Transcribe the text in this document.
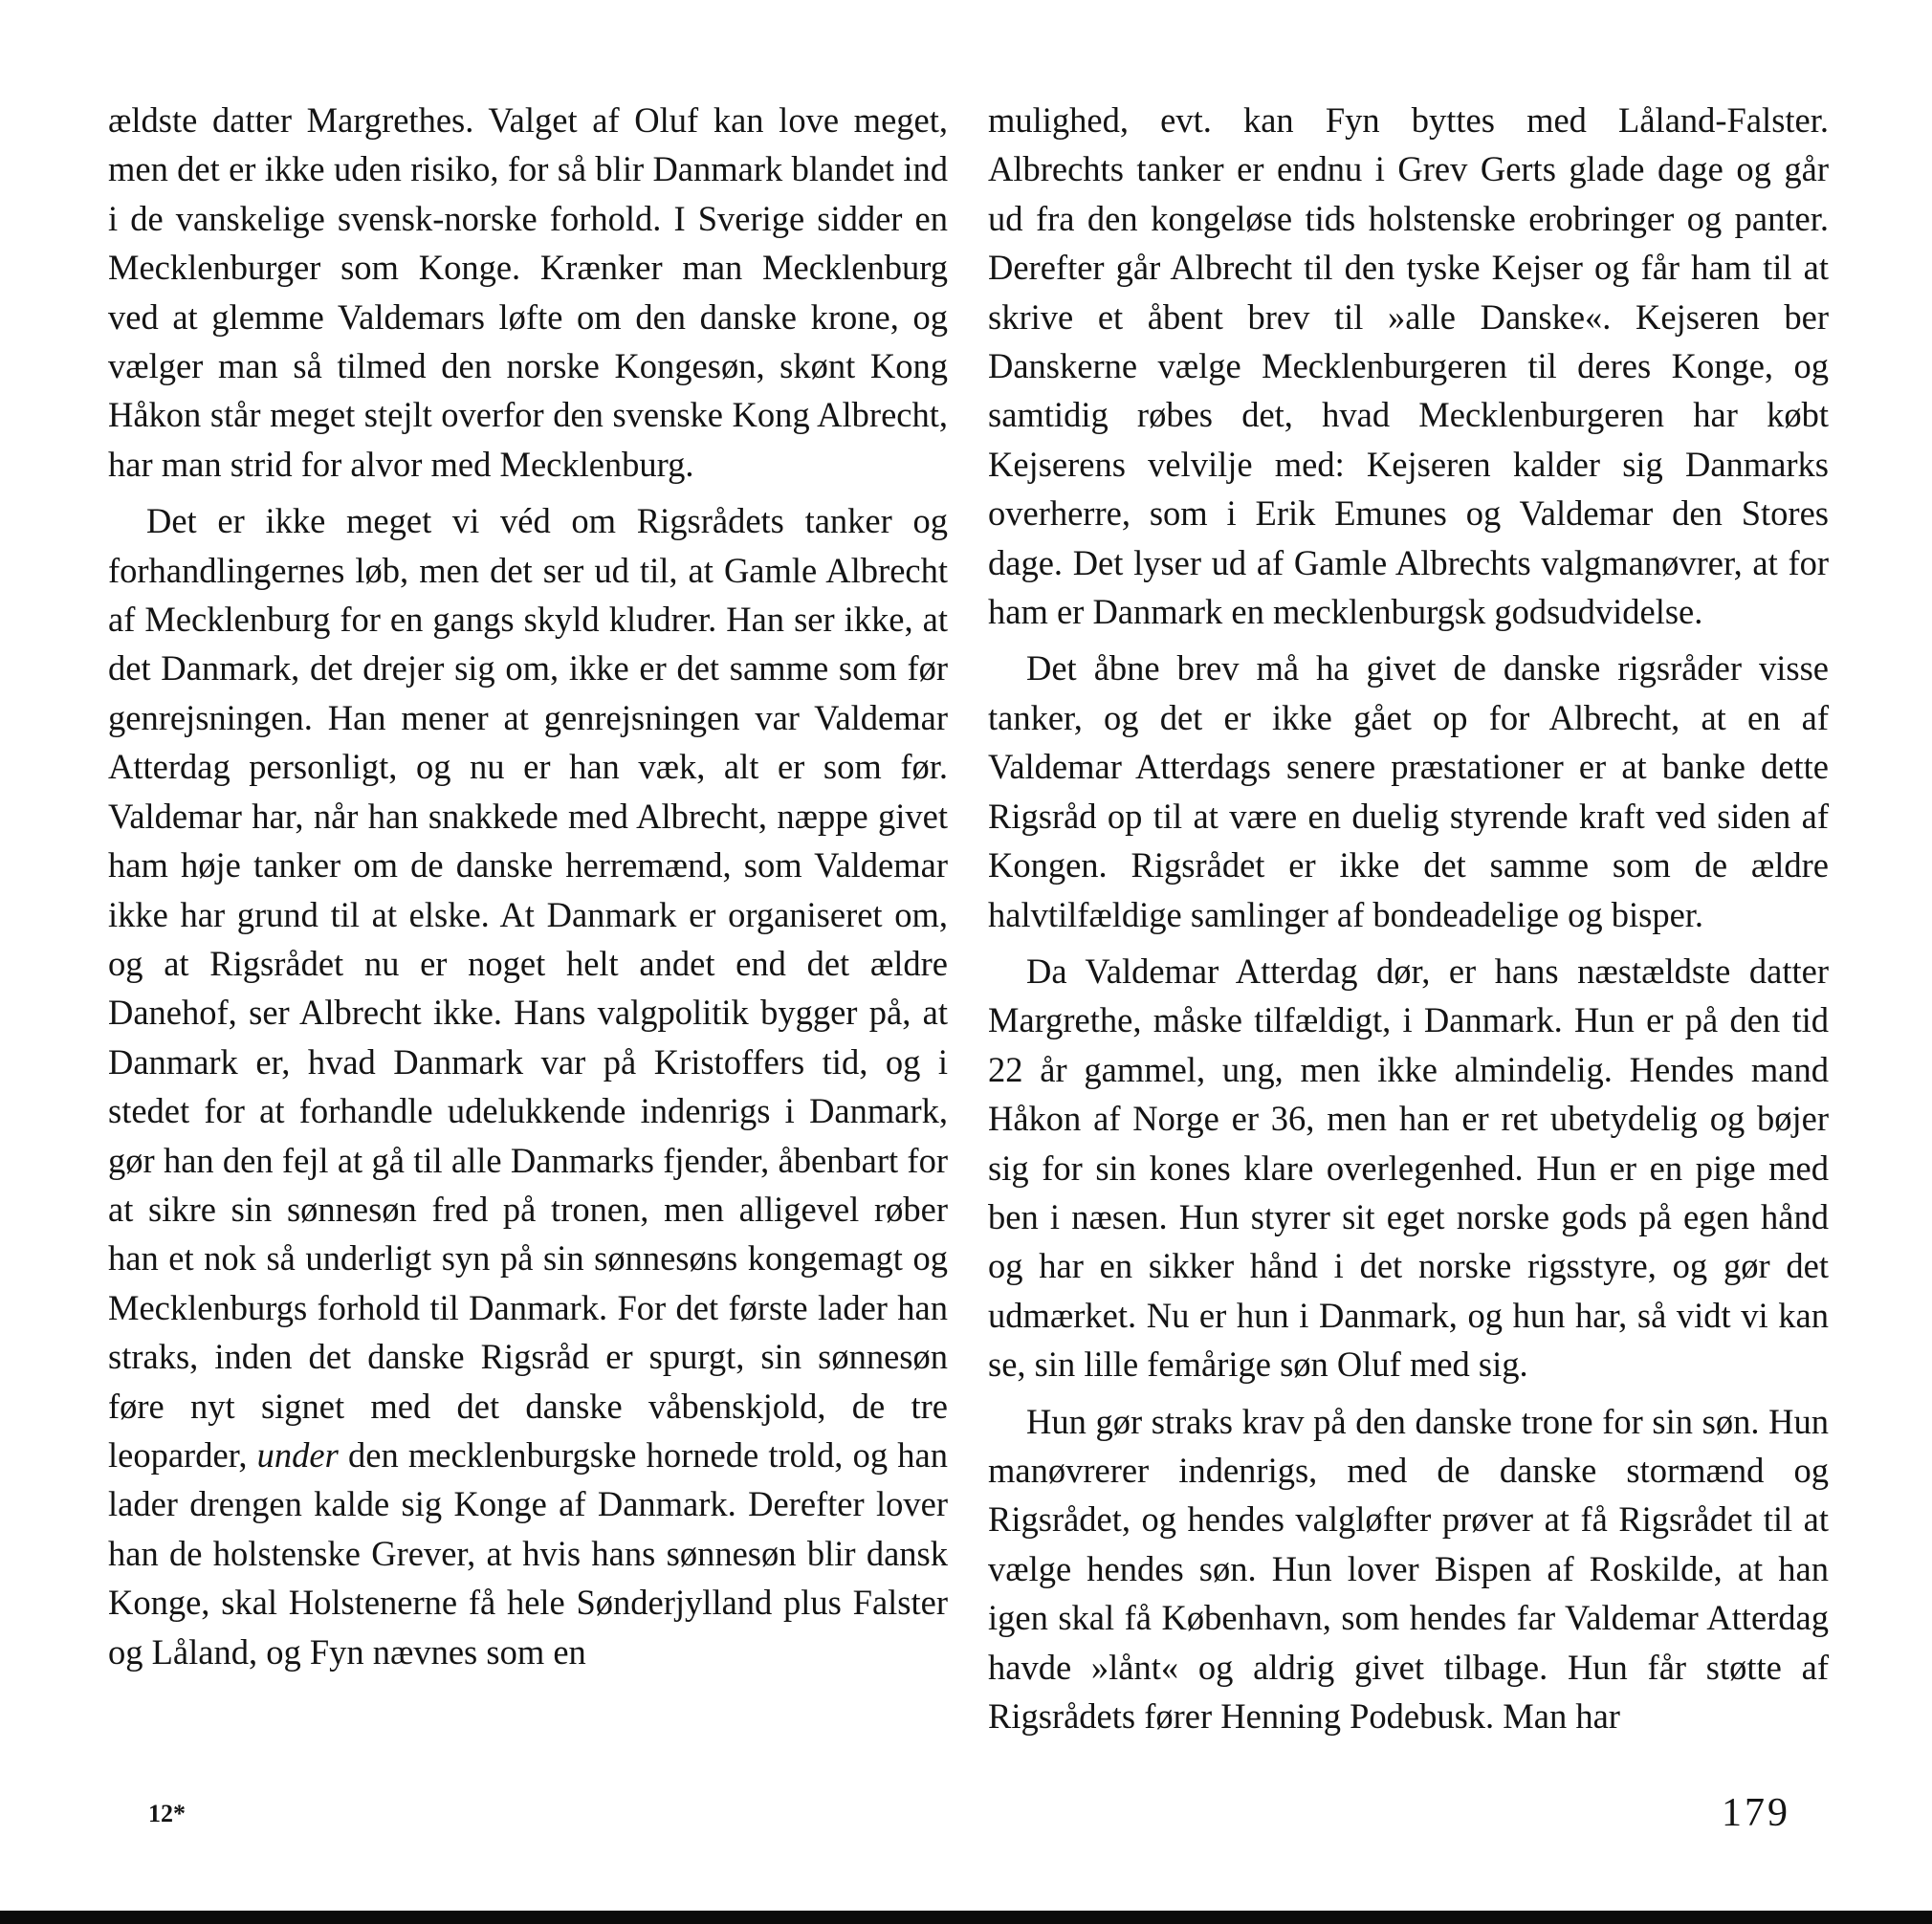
ældste datter Margrethes. Valget af Oluf kan love meget, men det er ikke uden risiko, for så blir Danmark blandet ind i de vanskelige svensk-norske forhold. I Sverige sidder en Mecklenburger som Konge. Krænker man Mecklenburg ved at glemme Valdemars løfte om den danske krone, og vælger man så tilmed den norske Kongesøn, skønt Kong Håkon står meget stejlt overfor den svenske Kong Albrecht, har man strid for alvor med Mecklenburg.

Det er ikke meget vi véd om Rigsrådets tanker og forhandlingernes løb, men det ser ud til, at Gamle Albrecht af Mecklenburg for en gangs skyld kludrer. Han ser ikke, at det Danmark, det drejer sig om, ikke er det samme som før genrejsningen. Han mener at genrejsningen var Valdemar Atterdag personligt, og nu er han væk, alt er som før. Valdemar har, når han snakkede med Albrecht, næppe givet ham høje tanker om de danske herremænd, som Valdemar ikke har grund til at elske. At Danmark er organiseret om, og at Rigsrådet nu er noget helt andet end det ældre Danehof, ser Albrecht ikke. Hans valgpolitik bygger på, at Danmark er, hvad Danmark var på Kristoffers tid, og i stedet for at forhandle udelukkende indenrigs i Danmark, gør han den fejl at gå til alle Danmarks fjender, åbenbart for at sikre sin sønnesøn fred på tronen, men alligevel røber han et nok så underligt syn på sin sønnesøns kongemagt og Mecklenburgs forhold til Danmark. For det første lader han straks, inden det danske Rigsråd er spurgt, sin sønnesøn føre nyt signet med det danske våbenskjold, de tre leoparder, under den mecklenburgske hornede trold, og han lader drengen kalde sig Konge af Danmark. Derefter lover han de holstenske Grever, at hvis hans sønnesøn blir dansk Konge, skal Holstenerne få hele Sønderjylland plus Falster og Låland, og Fyn nævnes som en

mulighed, evt. kan Fyn byttes med Låland-Falster. Albrechts tanker er endnu i Grev Gerts glade dage og går ud fra den kongeløse tids holstenske erobringer og panter. Derefter går Albrecht til den tyske Kejser og får ham til at skrive et åbent brev til »alle Danske«. Kejseren ber Danskerne vælge Mecklenburgeren til deres Konge, og samtidig røbes det, hvad Mecklenburgeren har købt Kejserens velvilje med: Kejseren kalder sig Danmarks overherre, som i Erik Emunes og Valdemar den Stores dage. Det lyser ud af Gamle Albrechts valgmanøvrer, at for ham er Danmark en mecklenburgsk godsudvidelse.

Det åbne brev må ha givet de danske rigsråder visse tanker, og det er ikke gået op for Albrecht, at en af Valdemar Atterdags senere præstationer er at banke dette Rigsråd op til at være en duelig styrende kraft ved siden af Kongen. Rigsrådet er ikke det samme som de ældre halvtilfældige samlinger af bondeadelige og bisper.

Da Valdemar Atterdag dør, er hans næstældste datter Margrethe, måske tilfældigt, i Danmark. Hun er på den tid 22 år gammel, ung, men ikke almindelig. Hendes mand Håkon af Norge er 36, men han er ret ubetydelig og bøjer sig for sin kones klare overlegenhed. Hun er en pige med ben i næsen. Hun styrer sit eget norske gods på egen hånd og har en sikker hånd i det norske rigsstyre, og gør det udmærket. Nu er hun i Danmark, og hun har, så vidt vi kan se, sin lille femårige søn Oluf med sig.

Hun gør straks krav på den danske trone for sin søn. Hun manøvrerer indenrigs, med de danske stormænd og Rigsrådet, og hendes valgløfter prøver at få Rigsrådet til at vælge hendes søn. Hun lover Bispen af Roskilde, at han igen skal få København, som hendes far Valdemar Atterdag havde »lånt« og aldrig givet tilbage. Hun får støtte af Rigsrådets fører Henning Podebusk. Man har

12*	179
